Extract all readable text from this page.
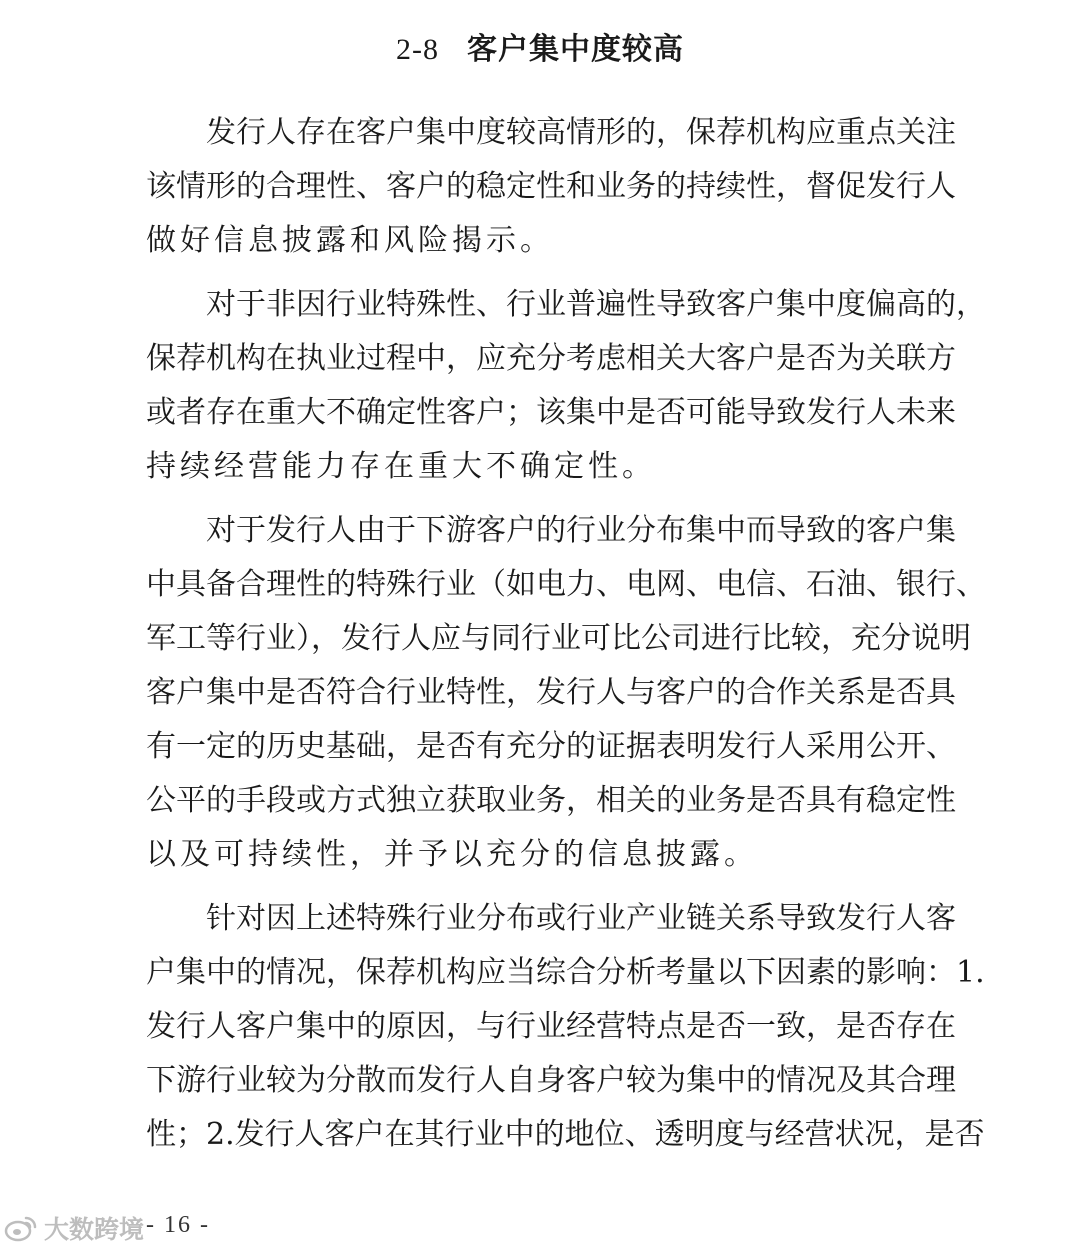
2-8 客户集中度较高
发行人存在客户集中度较高情形的，保荐机构应重点关注
该情形的合理性、客户的稳定性和业务的持续性，督促发行人
做好信息披露和风险揭示。
对于非因行业特殊性、行业普遍性导致客户集中度偏高的，
保荐机构在执业过程中，应充分考虑相关大客户是否为关联方
或者存在重大不确定性客户；该集中是否可能导致发行人未来
持续经营能力存在重大不确定性。
对于发行人由于下游客户的行业分布集中而导致的客户集
中具备合理性的特殊行业（如电力、电网、电信、石油、银行、
军工等行业），发行人应与同行业可比公司进行比较，充分说明
客户集中是否符合行业特性，发行人与客户的合作关系是否具
有一定的历史基础，是否有充分的证据表明发行人采用公开、
公平的手段或方式独立获取业务，相关的业务是否具有稳定性
以及可持续性，并予以充分的信息披露。
针对因上述特殊行业分布或行业产业链关系导致发行人客
户集中的情况，保荐机构应当综合分析考量以下因素的影响：1.
发行人客户集中的原因，与行业经营特点是否一致，是否存在
下游行业较为分散而发行人自身客户较为集中的情况及其合理
性；2.发行人客户在其行业中的地位、透明度与经营状况，是否
大数跨境 - 16 -
